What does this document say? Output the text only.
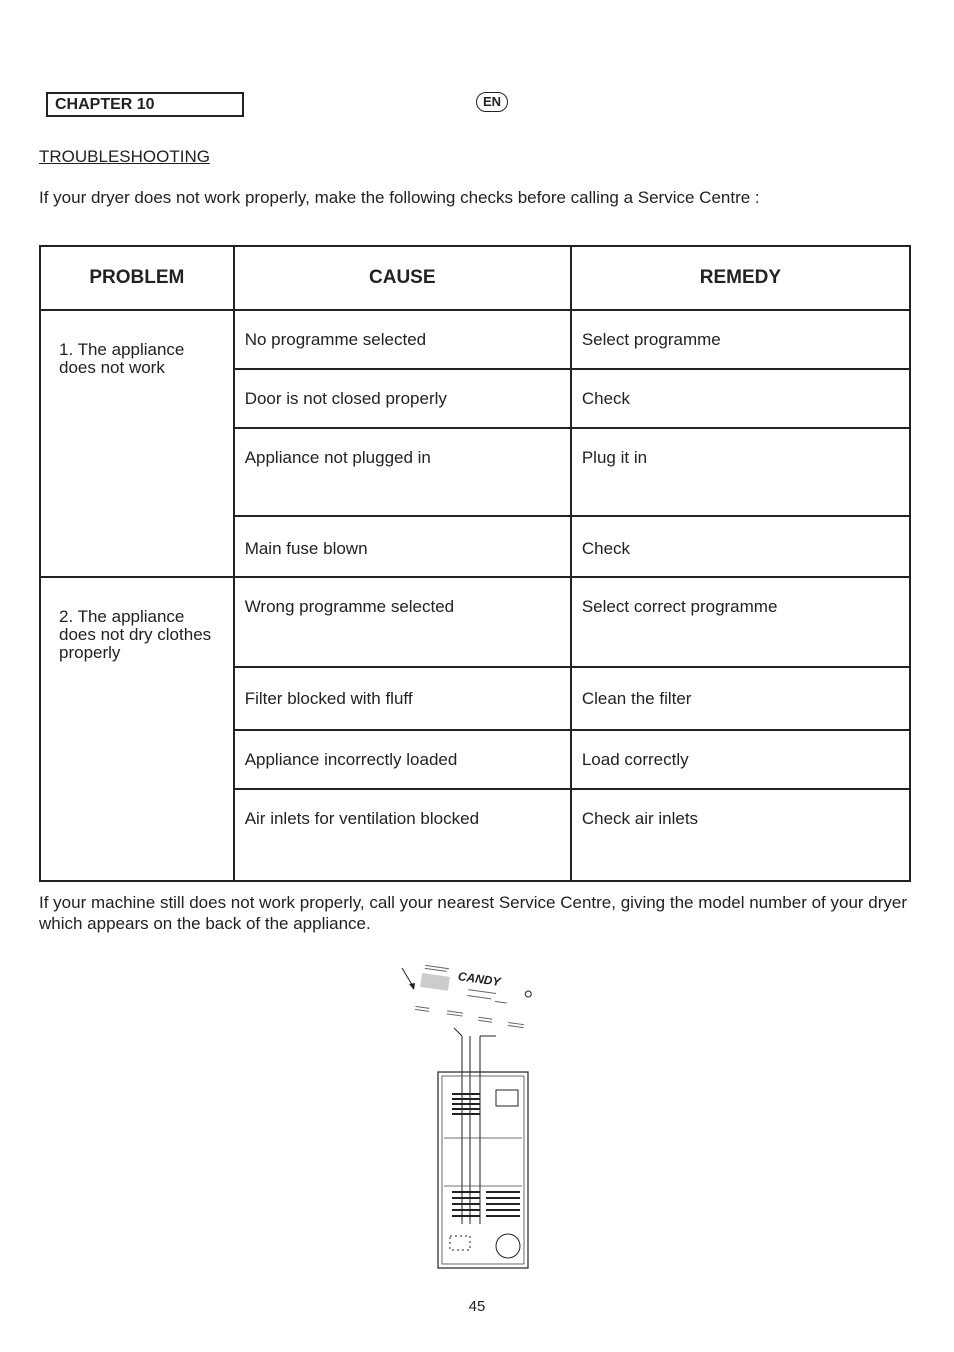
CHAPTER 10	EN
TROUBLESHOOTING
If your dryer does not work properly, make the following checks before calling a Service Centre :
PROBLEM	CAUSE	REMEDY
1. The appliance does not work	No programme selected	Select programme
	Door is not closed properly	Check
	Appliance not plugged in	Plug it in
	Main fuse blown	Check
2. The appliance does not dry clothes properly	Wrong programme selected	Select correct programme
	Filter blocked with fluff	Clean the filter
	Appliance incorrectly loaded	Load correctly
	Air inlets for ventilation blocked	Check air inlets
If your machine still does not work properly, call your nearest Service Centre, giving the model number of your dryer which appears on the back of the appliance.
CANDY
45
